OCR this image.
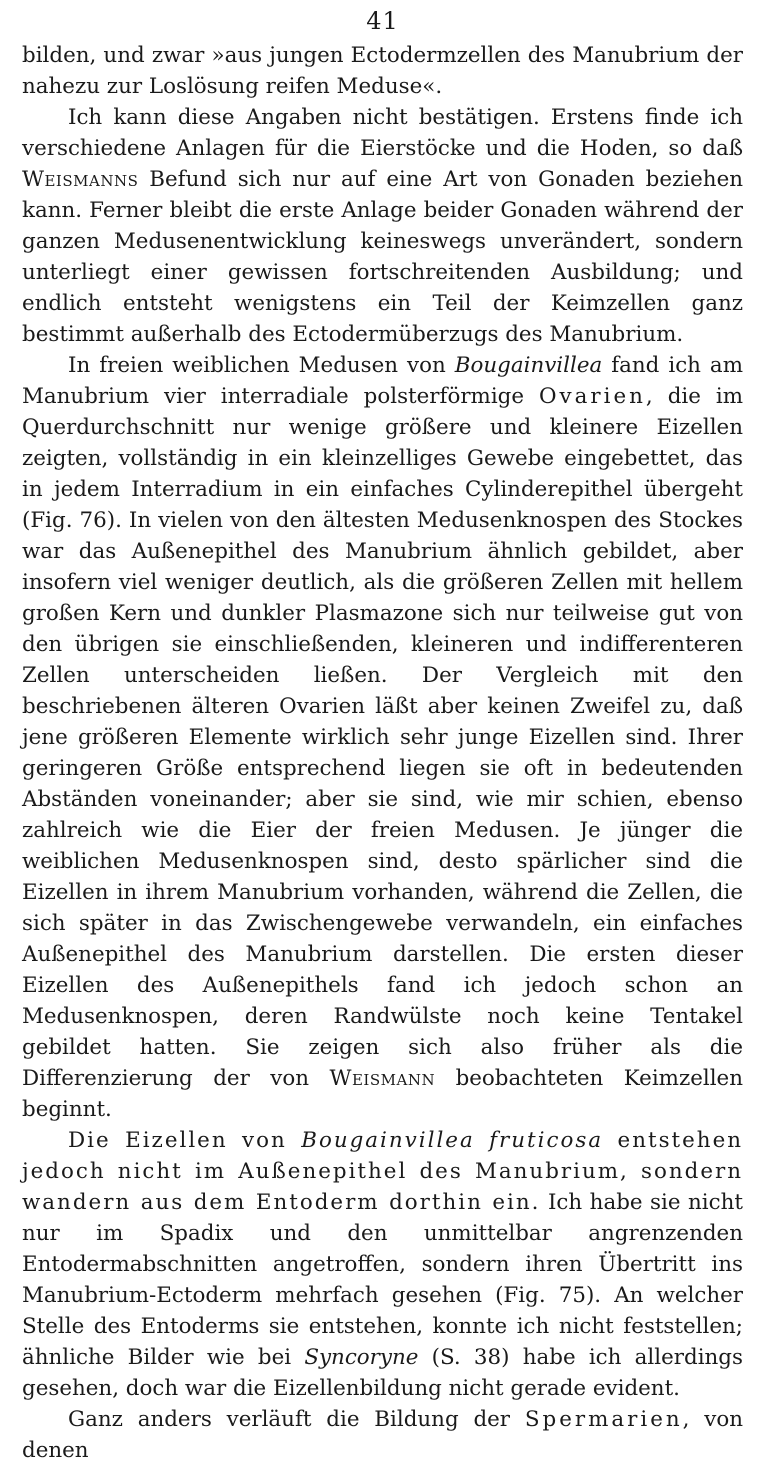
41

bilden, und zwar »aus jungen Ectodermzellen des Manubrium der nahezu zur Loslösung reifen Meduse«.

Ich kann diese Angaben nicht bestätigen. Erstens finde ich verschiedene Anlagen für die Eierstöcke und die Hoden, so daß Weismanns Befund sich nur auf eine Art von Gonaden beziehen kann. Ferner bleibt die erste Anlage beider Gonaden während der ganzen Medusenentwicklung keineswegs unverändert, sondern unterliegt einer gewissen fortschreitenden Ausbildung; und endlich entsteht wenigstens ein Teil der Keimzellen ganz bestimmt außerhalb des Ectodermüberzugs des Manubrium.

In freien weiblichen Medusen von Bougainvillea fand ich am Manubrium vier interradiale polsterförmige Ovarien, die im Querdurchschnitt nur wenige größere und kleinere Eizellen zeigten, vollständig in ein kleinzelliges Gewebe eingebettet, das in jedem Interradium in ein einfaches Cylinderepithel übergeht (Fig. 76). In vielen von den ältesten Medusenknospen des Stockes war das Außenepithel des Manubrium ähnlich gebildet, aber insofern viel weniger deutlich, als die größeren Zellen mit hellem großen Kern und dunkler Plasmazone sich nur teilweise gut von den übrigen sie einschließenden, kleineren und indifferenteren Zellen unterscheiden ließen. Der Vergleich mit den beschriebenen älteren Ovarien läßt aber keinen Zweifel zu, daß jene größeren Elemente wirklich sehr junge Eizellen sind. Ihrer geringeren Größe entsprechend liegen sie oft in bedeutenden Abständen voneinander; aber sie sind, wie mir schien, ebenso zahlreich wie die Eier der freien Medusen. Je jünger die weiblichen Medusenknospen sind, desto spärlicher sind die Eizellen in ihrem Manubrium vorhanden, während die Zellen, die sich später in das Zwischengewebe verwandeln, ein einfaches Außenepithel des Manubrium darstellen. Die ersten dieser Eizellen des Außenepithels fand ich jedoch schon an Medusenknospen, deren Randwülste noch keine Tentakel gebildet hatten. Sie zeigen sich also früher als die Differenzierung der von Weismann beobachteten Keimzellen beginnt.

Die Eizellen von Bougainvillea fruticosa entstehen jedoch nicht im Außenepithel des Manubrium, sondern wandern aus dem Entoderm dorthin ein. Ich habe sie nicht nur im Spadix und den unmittelbar angrenzenden Entodermabschnitten angetroffen, sondern ihren Übertritt ins Manubrium-Ectoderm mehrfach gesehen (Fig. 75). An welcher Stelle des Entoderms sie entstehen, konnte ich nicht feststellen; ähnliche Bilder wie bei Syncoryne (S. 38) habe ich allerdings gesehen, doch war die Eizellenbildung nicht gerade evident.

Ganz anders verläuft die Bildung der Spermarien, von denen
